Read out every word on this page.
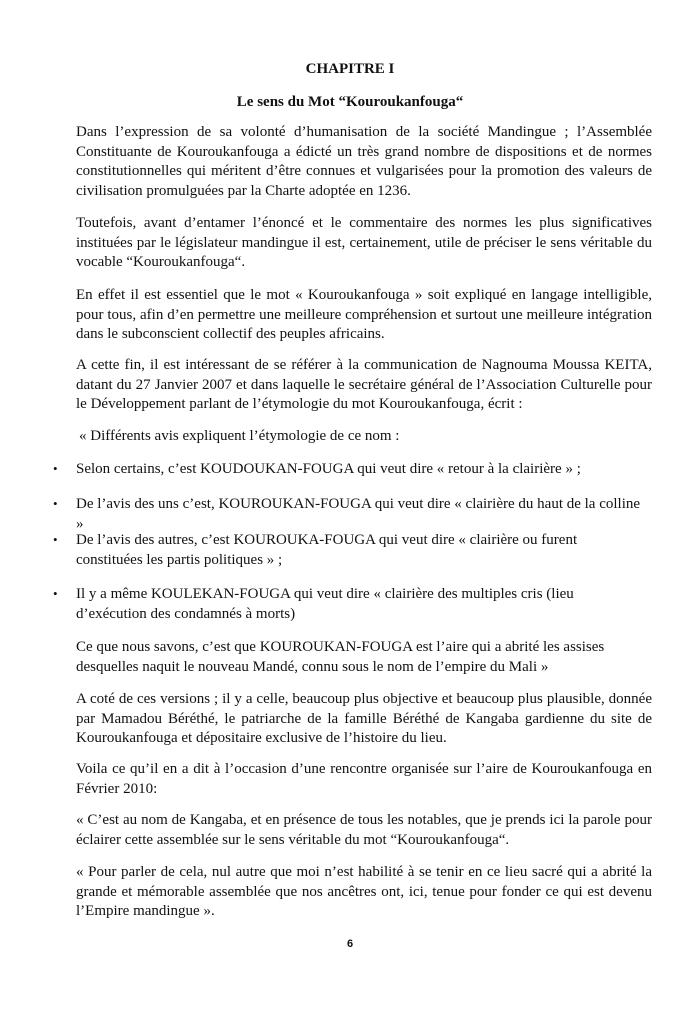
CHAPITRE I
Le sens du Mot “Kouroukanfouga“

Dans l’expression de sa volonté d’humanisation de la société Mandingue ; l’Assemblée Constituante de Kouroukanfouga a édicté un très grand nombre de dispositions et de normes constitutionnelles qui méritent d’être connues et vulgarisées pour la promotion des valeurs de civilisation promulguées par la Charte adoptée en 1236.

Toutefois, avant d’entamer l’énoncé et le commentaire des normes les plus significatives instituées par le législateur mandingue il est, certainement, utile de préciser le sens véritable du vocable “Kouroukanfouga“.

En effet il est essentiel que le mot « Kouroukanfouga » soit expliqué en langage intelligible, pour tous, afin d’en permettre une meilleure compréhension et surtout une meilleure intégration dans le subconscient collectif des peuples africains.

A cette fin, il est intéressant de se référer à la communication de Nagnouma Moussa KEITA, datant du 27 Janvier 2007 et dans laquelle le secrétaire général de l’Association Culturelle pour le Développement parlant de l’étymologie du mot Kouroukanfouga, écrit :

« Différents avis expliquent l’étymologie de ce nom :

• Selon certains, c’est KOUDOUKAN-FOUGA qui veut dire « retour à la clairière » ;

• De l’avis des uns c’est, KOUROUKAN-FOUGA qui veut dire « clairière du haut de la colline »

• De l’avis des autres, c’est KOUROUKA-FOUGA qui veut dire « clairière ou furent constituées les partis politiques » ;

• Il y a même KOULEKAN-FOUGA qui veut dire « clairière des multiples cris (lieu d’exécution des condamnés à morts)

Ce que nous savons, c’est que KOUROUKAN-FOUGA est l’aire qui a abrité les assises desquelles naquit le nouveau Mandé, connu sous le nom de l’empire du Mali »

A coté de ces versions ; il y a celle, beaucoup plus objective et beaucoup plus plausible, donnée par Mamadou Béréthé, le patriarche de la famille Béréthé de Kangaba gardienne du site de Kouroukanfouga et dépositaire exclusive de l’histoire du lieu.

Voila ce qu’il en a dit à l’occasion d’une rencontre organisée sur l’aire de Kouroukanfouga en Février 2010:

« C’est au nom de Kangaba, et en présence de tous les notables, que je prends ici la parole pour éclairer cette assemblée sur le sens véritable du mot “Kouroukanfouga“.

« Pour parler de cela, nul autre que moi n’est habilité à se tenir en ce lieu sacré qui a abrité la grande et mémorable assemblée que nos ancêtres ont, ici, tenue pour fonder ce qui est devenu l’Empire mandingue ».

6
